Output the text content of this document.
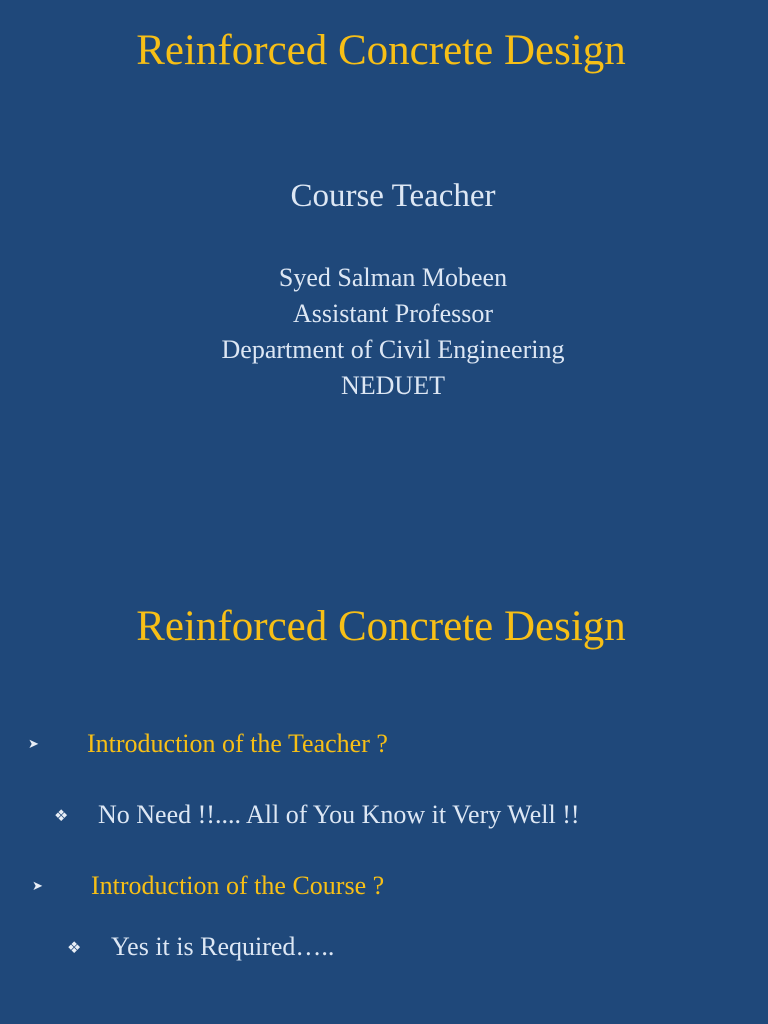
Reinforced Concrete Design
Course Teacher
Syed Salman Mobeen
Assistant Professor
Department of Civil Engineering
NEDUET
Reinforced Concrete Design
➤	Introduction of the Teacher ?
❖	No Need !!.... All of You Know it Very Well !!
➤	Introduction of the Course ?
❖	Yes it is Required…..
